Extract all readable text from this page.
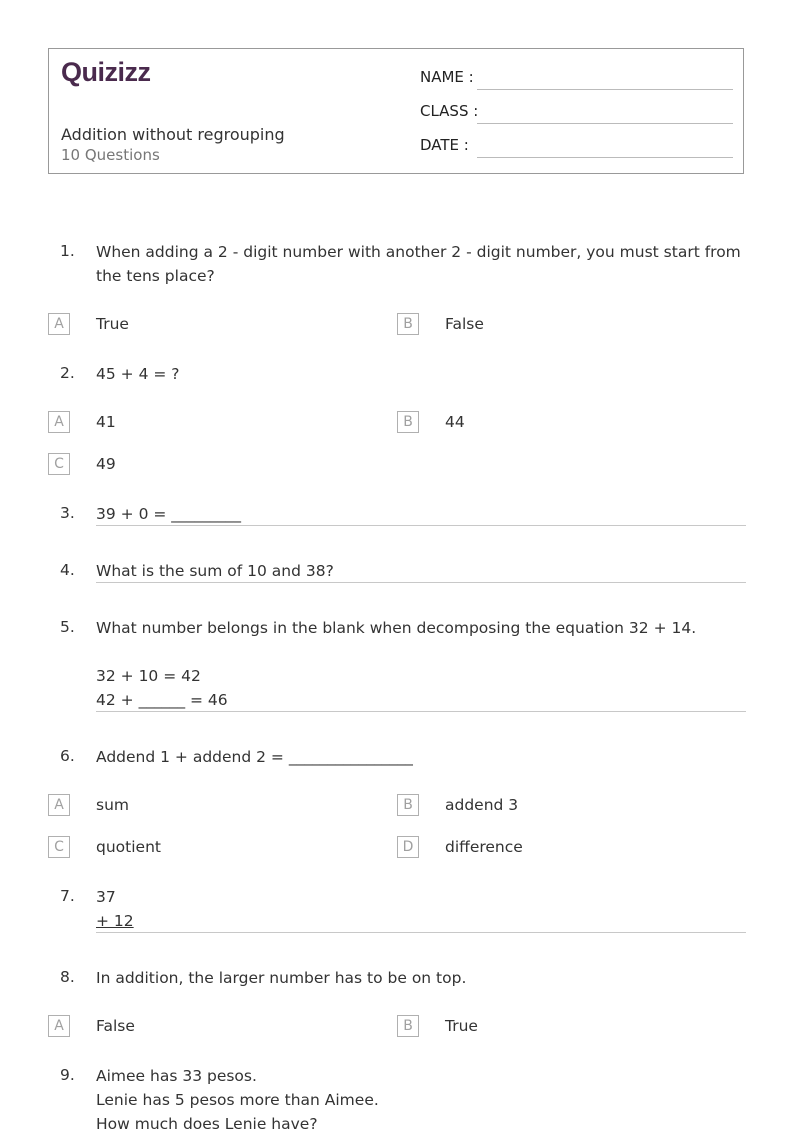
Quizizz
Addition without regrouping
10 Questions
NAME :
CLASS :
DATE :
1. When adding a 2 - digit number with another 2 - digit number, you must start from the tens place?
A	True	B	False
2. 45 + 4 = ?
A	41	B	44
C	49
3. 39 + 0 = _________
4. What is the sum of 10 and 38?
5. What number belongs in the blank when decomposing the equation 32 + 14.
32 + 10 = 42
42 + ______ = 46
6. Addend 1 + addend 2 = ________________
A	sum	B	addend 3
C	quotient	D	difference
7. 37
+ 12
8. In addition, the larger number has to be on top.
A	False	B	True
9. Aimee has 33 pesos.
Lenie has 5 pesos more than Aimee.
How much does Lenie have?
